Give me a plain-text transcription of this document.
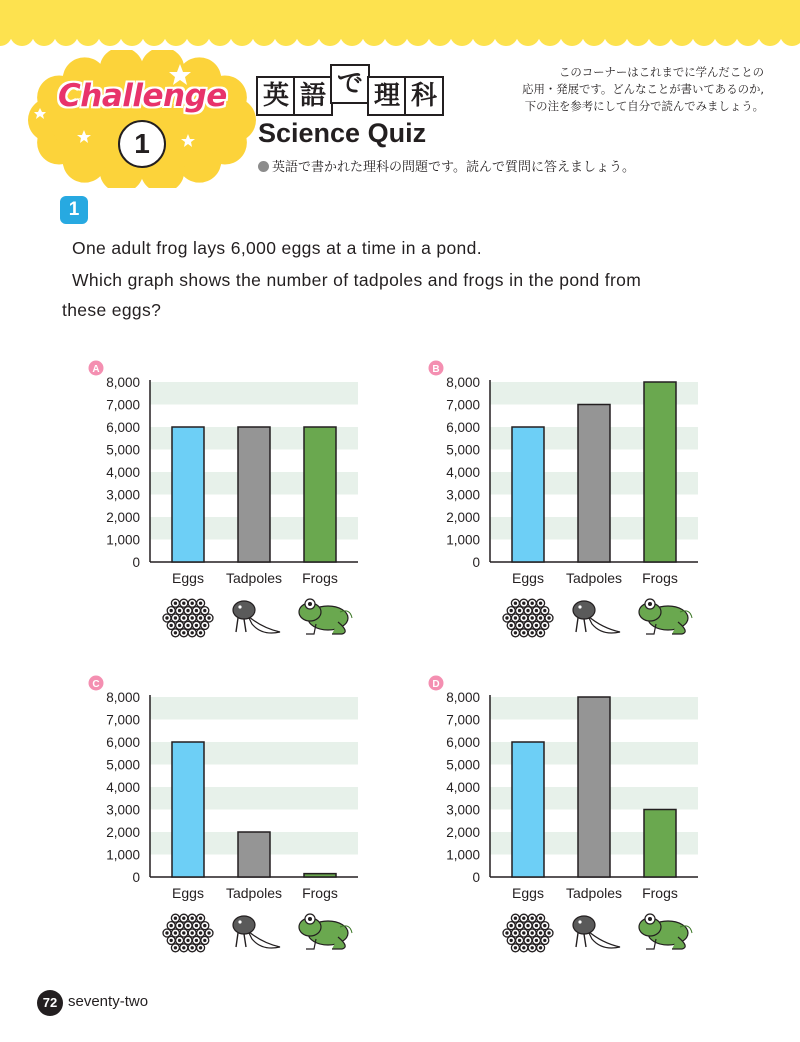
Challenge
1
英 語 で 理 科
Science Quiz
英語で書かれた理科の問題です。読んで質問に答えましょう。
このコーナーはこれまでに学んだことの
応用・発展です。どんなことが書いてあるのか,
下の注を参考にして自分で読んでみましょう。
1
One adult frog lays 6,000 eggs at a time in a pond.
Which graph shows the number of tadpoles and frogs in the pond from
these eggs?
A
0
1,000
2,000
3,000
4,000
5,000
6,000
7,000
8,000
Eggs Tadpoles Frogs
B
0
1,000
2,000
3,000
4,000
5,000
6,000
7,000
8,000
Eggs Tadpoles Frogs
C
0
1,000
2,000
3,000
4,000
5,000
6,000
7,000
8,000
Eggs Tadpoles Frogs
D
0
1,000
2,000
3,000
4,000
5,000
6,000
7,000
8,000
Eggs Tadpoles Frogs
72 seventy-two
